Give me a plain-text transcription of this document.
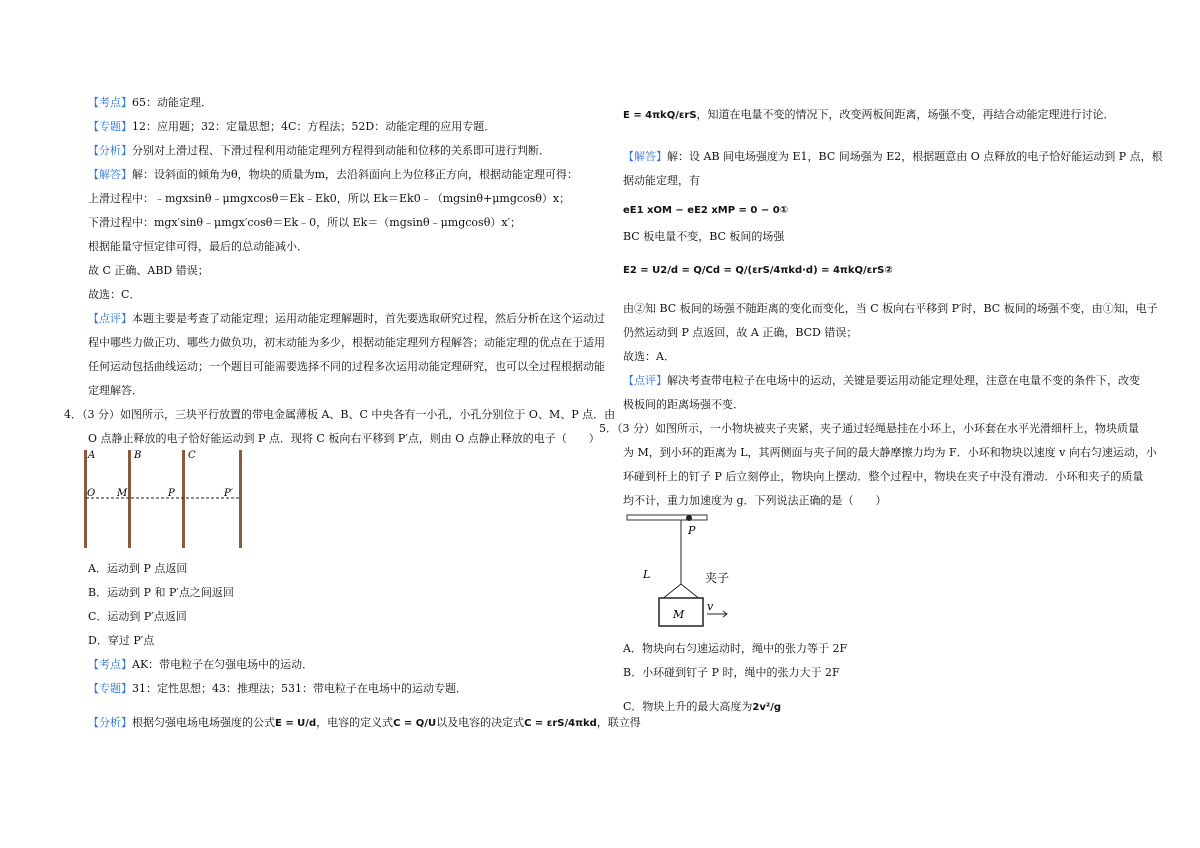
【考点】65：动能定理．
【专题】12：应用题；32：定量思想；4C：方程法；52D：动能定理的应用专题．
【分析】分别对上滑过程、下滑过程利用动能定理列方程得到动能和位移的关系即可进行判断．
【解答】解：设斜面的倾角为θ，物块的质量为m，去沿斜面向上为位移正方向，根据动能定理可得：
上滑过程中：﹣mgxsinθ﹣μmgxcosθ＝Ek﹣Ek0，所以 Ek＝Ek0﹣（mgsinθ+μmgcosθ）x；
下滑过程中：mgx′sinθ﹣μmgx′cosθ＝Ek﹣0，所以 Ek＝（mgsinθ﹣μmgcosθ）x′；
根据能量守恒定律可得，最后的总动能减小．
故 C 正确、ABD 错误；
故选：C．
【点评】本题主要是考查了动能定理；运用动能定理解题时，首先要选取研究过程，然后分析在这个运动过
程中哪些力做正功、哪些力做负功，初末动能为多少，根据动能定理列方程解答；动能定理的优点在于适用
任何运动包括曲线运动；一个题目可能需要选择不同的过程多次运用动能定理研究，也可以全过程根据动能
定理解答．
4．（3 分）如图所示，三块平行放置的带电金属薄板 A、B、C 中央各有一小孔，小孔分别位于 O、M、P 点．由
O 点静止释放的电子恰好能运动到 P 点．现将 C 板向右平移到 P′点，则由 O 点静止释放的电子（　　）
A	B	C
O M	P	P′
A．运动到 P 点返回
B．运动到 P 和 P′点之间返回
C．运动到 P′点返回
D．穿过 P′点
【考点】AK：带电粒子在匀强电场中的运动．
【专题】31：定性思想；43：推理法；531：带电粒子在电场中的运动专题．
【分析】根据匀强电场电场强度的公式E = U/d，电容的定义式C = Q/U以及电容的决定式C = εrS/4πkd，联立得
E = 4πkQ/εrS，知道在电量不变的情况下，改变两板间距离，场强不变，再结合动能定理进行讨论．
【解答】解：设 AB 间电场强度为 E1，BC 间场强为 E2，根据题意由 O 点释放的电子恰好能运动到 P 点，根
据动能定理，有
eE1 xOM − eE2 xMP = 0 − 0①
BC 板电量不变，BC 板间的场强
E2 = U2/d = Q/Cd = Q/(εrS/4πkd·d) = 4πkQ/εrS②
由②知 BC 板间的场强不随距离的变化而变化，当 C 板向右平移到 P′时，BC 板间的场强不变，由①知，电子
仍然运动到 P 点返回，故 A 正确，BCD 错误；
故选：A．
【点评】解决考查带电粒子在电场中的运动，关键是要运用动能定理处理，注意在电量不变的条件下，改变
极板间的距离场强不变．
5．（3 分）如图所示，一小物块被夹子夹紧，夹子通过轻绳悬挂在小环上，小环套在水平光滑细杆上，物块质量
为 M，到小环的距离为 L，其两侧面与夹子间的最大静摩擦力均为 F．小环和物块以速度 v 向右匀速运动，小
环碰到杆上的钉子 P 后立刻停止，物块向上摆动．整个过程中，物块在夹子中没有滑动．小环和夹子的质量
均不计，重力加速度为 g．下列说法正确的是（　　）
P
L	夹子
M
v
A．物块向右匀速运动时，绳中的张力等于 2F
B．小环碰到钉子 P 时，绳中的张力大于 2F
C．物块上升的最大高度为2v²/g
